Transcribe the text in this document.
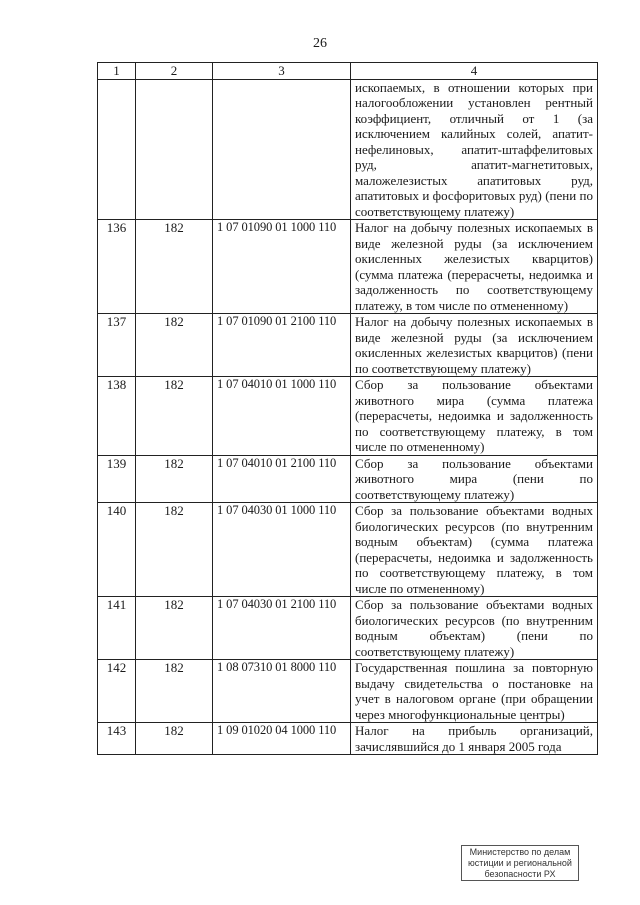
26
1	2	3	4
			ископаемых, в отношении которых при налогообложении установлен рентный коэффициент, отличный от 1 (за исключением калийных солей, апатит-нефелиновых, апатит-штаффелитовых руд, апатит-магнетитовых, маложелезистых апатитовых руд, апатитовых и фосфоритовых руд) (пени по соответствующему платежу)
136	182	1 07 01090 01 1000 110	Налог на добычу полезных ископаемых в виде железной руды (за исключением окисленных железистых кварцитов) (сумма платежа (перерасчеты, недоимка и задолженность по соответствующему платежу, в том числе по отмененному)
137	182	1 07 01090 01 2100 110	Налог на добычу полезных ископаемых в виде железной руды (за исключением окисленных железистых кварцитов) (пени по соответствующему платежу)
138	182	1 07 04010 01 1000 110	Сбор за пользование объектами животного мира (сумма платежа (перерасчеты, недоимка и задолженность по соответствующему платежу, в том числе по отмененному)
139	182	1 07 04010 01 2100 110	Сбор за пользование объектами животного мира (пени по соответствующему платежу)
140	182	1 07 04030 01 1000 110	Сбор за пользование объектами водных биологических ресурсов (по внутренним водным объектам) (сумма платежа (перерасчеты, недоимка и задолженность по соответствующему платежу, в том числе по отмененному)
141	182	1 07 04030 01 2100 110	Сбор за пользование объектами водных биологических ресурсов (по внутренним водным объектам) (пени по соответствующему платежу)
142	182	1 08 07310 01 8000 110	Государственная пошлина за повторную выдачу свидетельства о постановке на учет в налоговом органе (при обращении через многофункциональные центры)
143	182	1 09 01020 04 1000 110	Налог на прибыль организаций, зачислявшийся до 1 января 2005 года
Министерство по делам
юстиции и региональной
безопасности РХ
